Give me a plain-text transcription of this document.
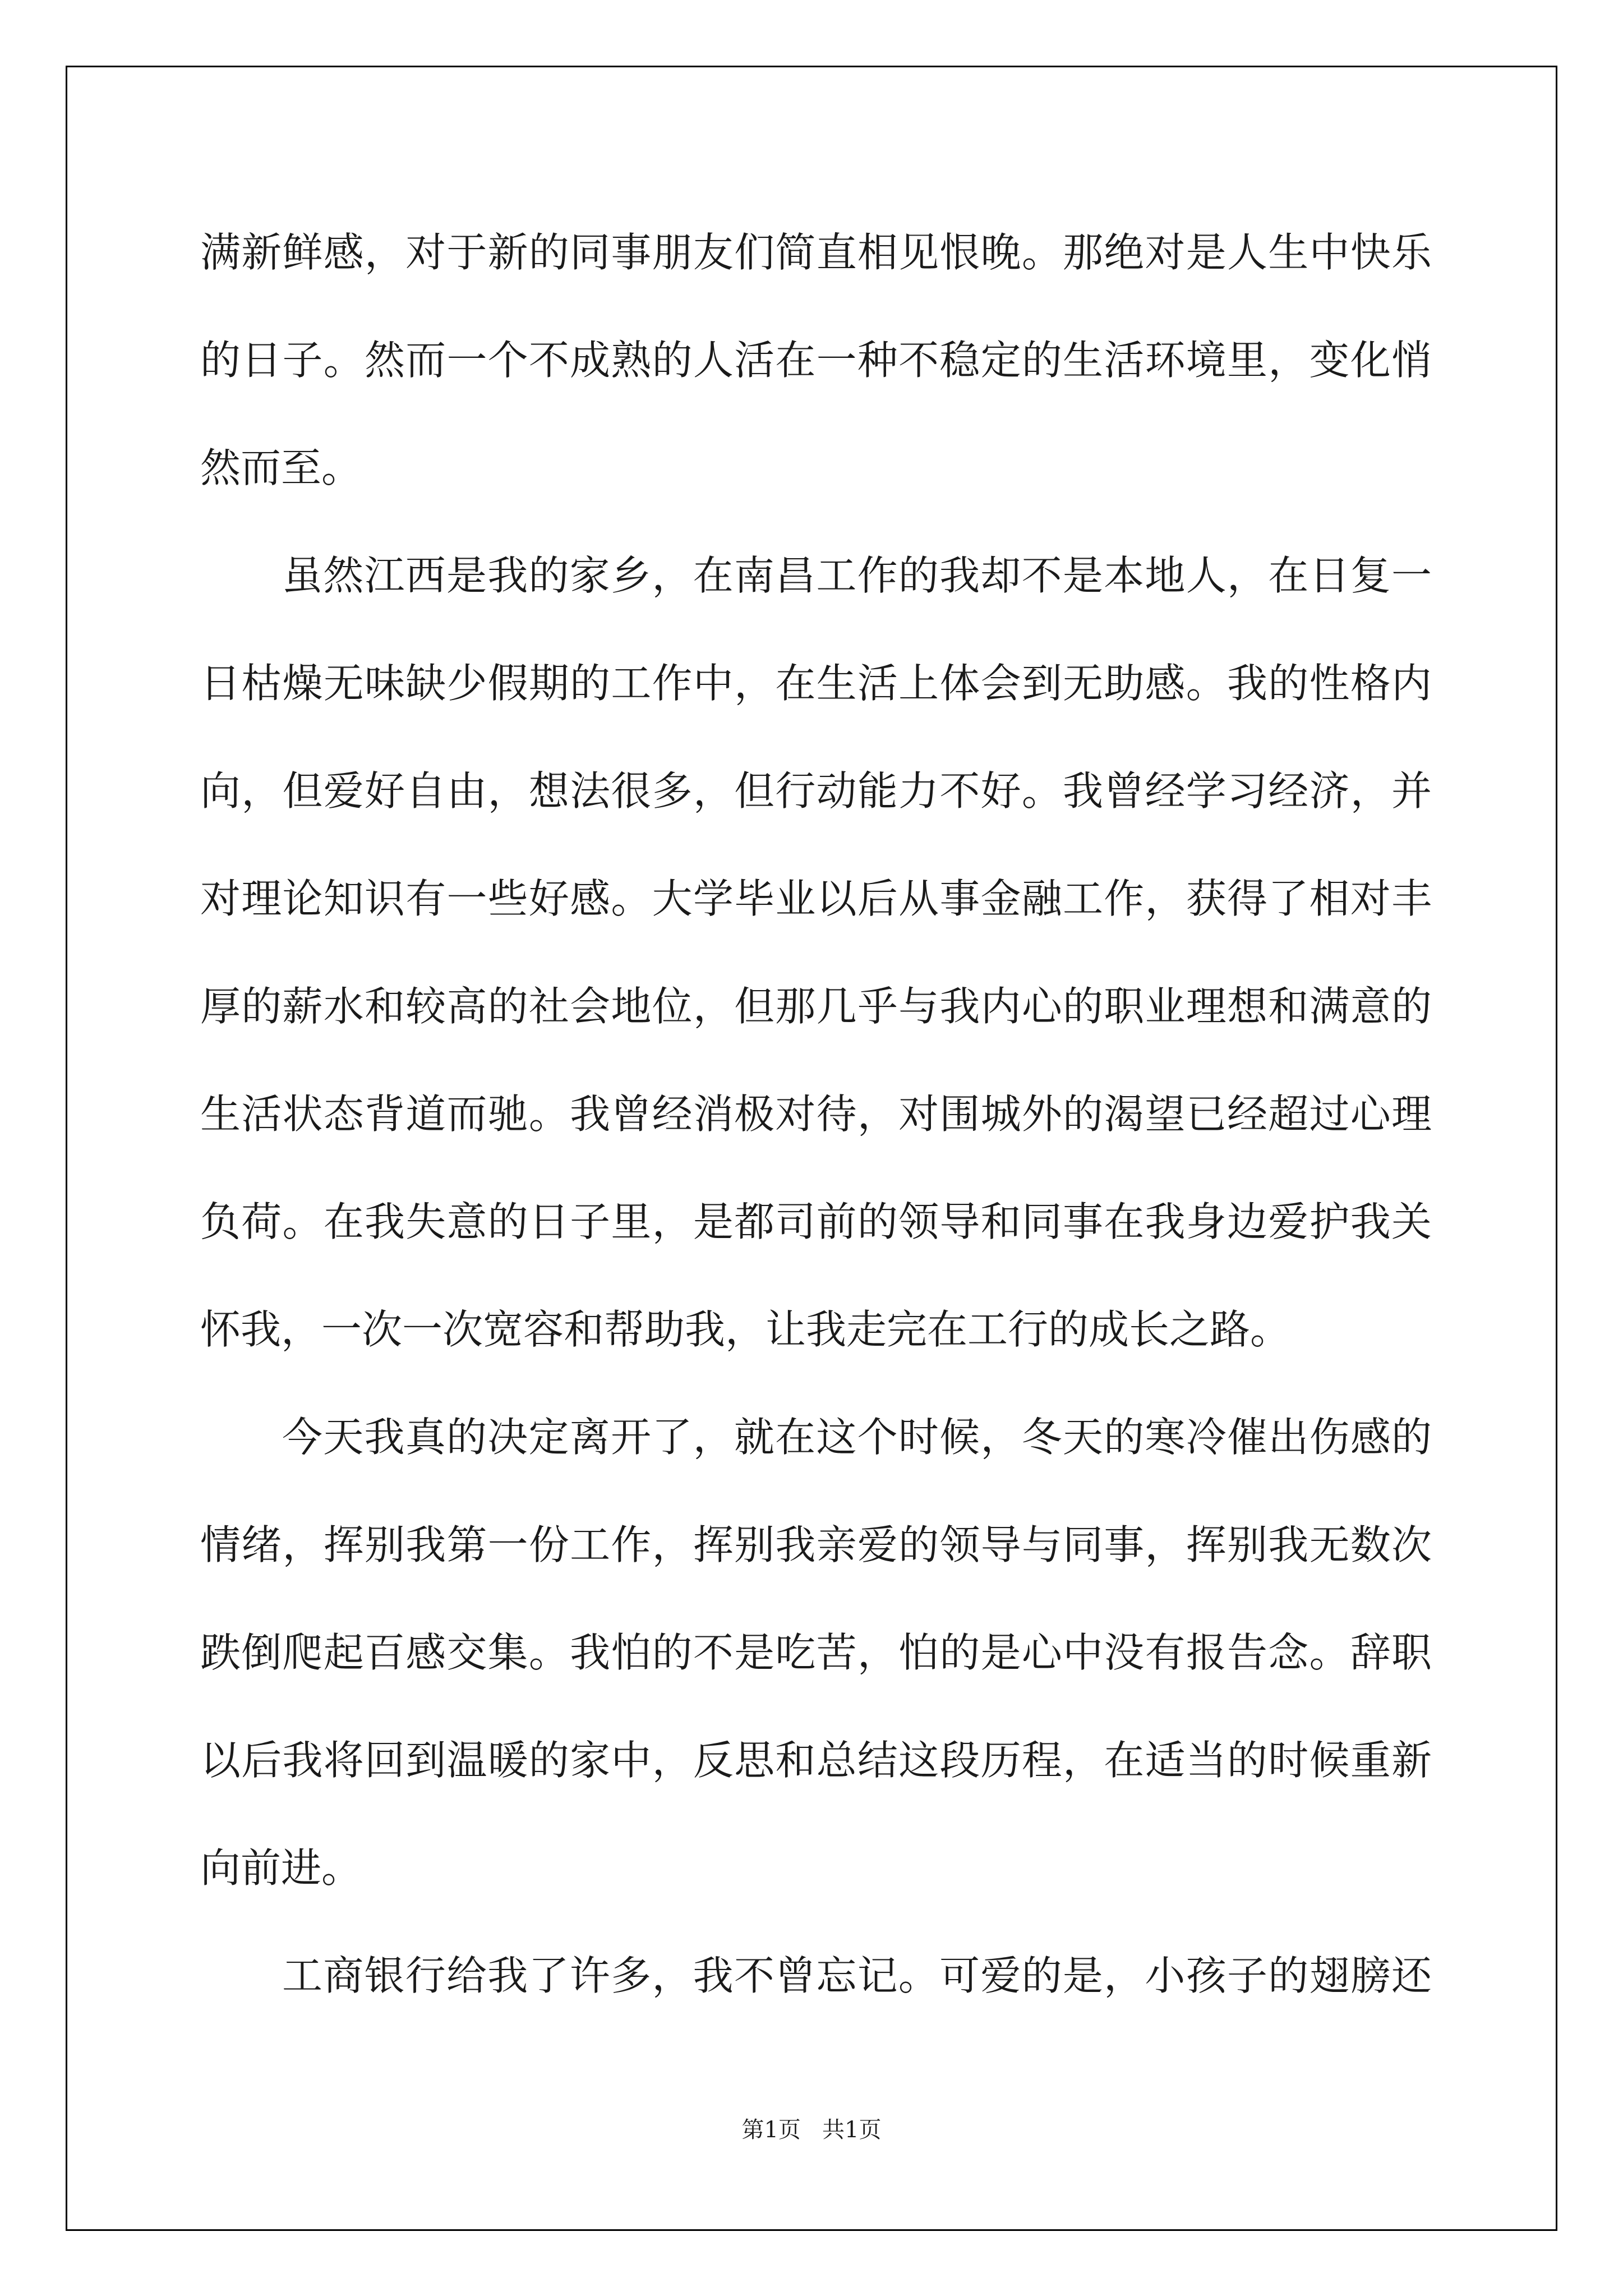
满新鲜感，对于新的同事朋友们简直相见恨晚。那绝对是人生中快乐
的日子。然而一个不成熟的人活在一种不稳定的生活环境里，变化悄
然而至。
虽然江西是我的家乡，在南昌工作的我却不是本地人，在日复一
日枯燥无味缺少假期的工作中，在生活上体会到无助感。我的性格内
向，但爱好自由，想法很多，但行动能力不好。我曾经学习经济，并
对理论知识有一些好感。大学毕业以后从事金融工作，获得了相对丰
厚的薪水和较高的社会地位，但那几乎与我内心的职业理想和满意的
生活状态背道而驰。我曾经消极对待，对围城外的渴望已经超过心理
负荷。在我失意的日子里，是都司前的领导和同事在我身边爱护我关
怀我，一次一次宽容和帮助我，让我走完在工行的成长之路。
今天我真的决定离开了，就在这个时候，冬天的寒冷催出伤感的
情绪，挥别我第一份工作，挥别我亲爱的领导与同事，挥别我无数次
跌倒爬起百感交集。我怕的不是吃苦，怕的是心中没有报告念。辞职
以后我将回到温暖的家中，反思和总结这段历程，在适当的时候重新
向前进。
工商银行给我了许多，我不曾忘记。可爱的是，小孩子的翅膀还
第1页   共1页
